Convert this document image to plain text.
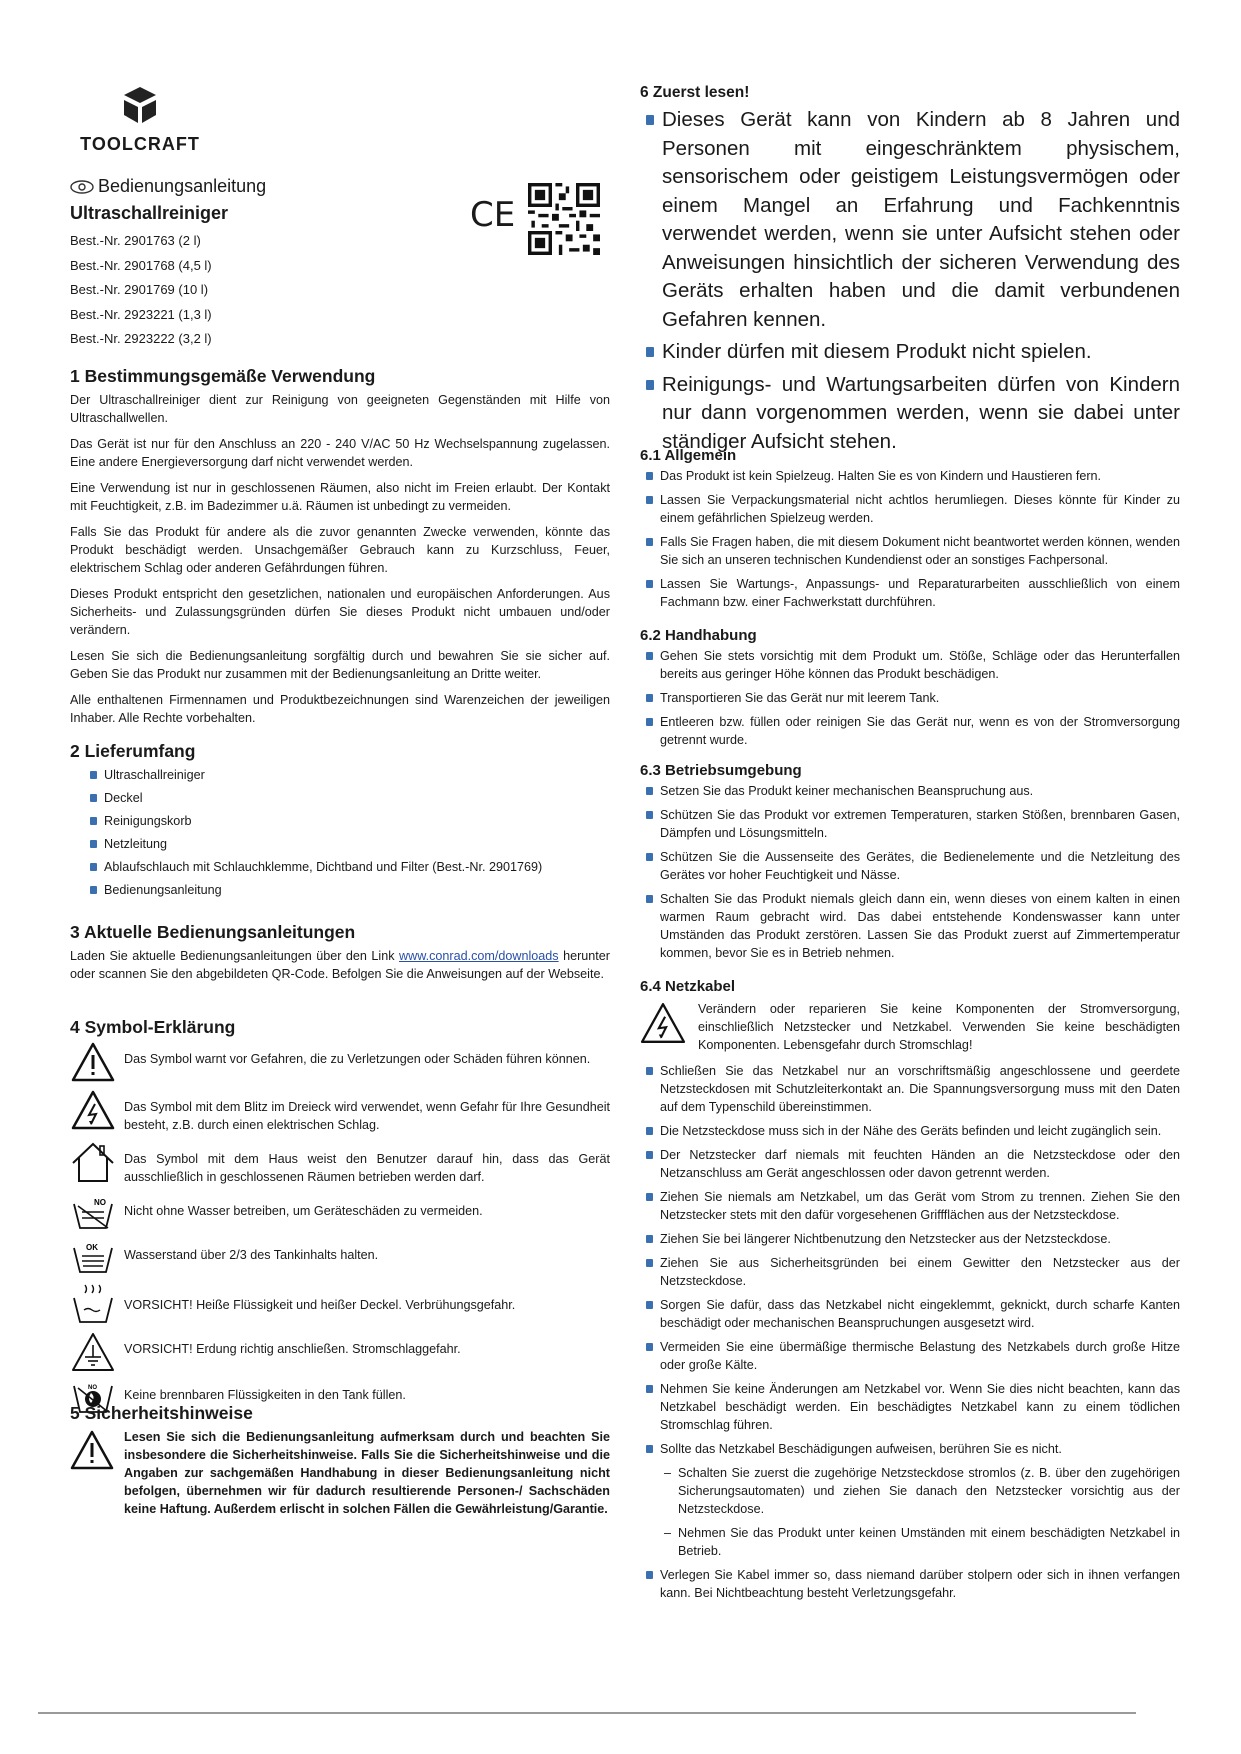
TOOLCRAFT
Bedienungsanleitung
Ultraschallreiniger
Best.-Nr. 2901763 (2 l)
Best.-Nr. 2901768 (4,5 l)
Best.-Nr. 2901769 (10 l)
Best.-Nr. 2923221 (1,3 l)
Best.-Nr. 2923222 (3,2 l)
CE
1 Bestimmungsgemäße Verwendung

Der Ultraschallreiniger dient zur Reinigung von geeigneten Gegenständen mit Hilfe von Ultraschallwellen.

Das Gerät ist nur für den Anschluss an 220 - 240 V/AC 50 Hz Wechselspannung zugelassen. Eine andere Energieversorgung darf nicht verwendet werden.

Eine Verwendung ist nur in geschlossenen Räumen, also nicht im Freien erlaubt. Der Kontakt mit Feuchtigkeit, z.B. im Badezimmer u.ä. Räumen ist unbedingt zu vermeiden.

Falls Sie das Produkt für andere als die zuvor genannten Zwecke verwenden, könnte das Produkt beschädigt werden. Unsachgemäßer Gebrauch kann zu Kurzschluss, Feuer, elektrischem Schlag oder anderen Gefährdungen führen.

Dieses Produkt entspricht den gesetzlichen, nationalen und europäischen Anforderungen. Aus Sicherheits- und Zulassungsgründen dürfen Sie dieses Produkt nicht umbauen und/oder verändern.

Lesen Sie sich die Bedienungsanleitung sorgfältig durch und bewahren Sie sie sicher auf. Geben Sie das Produkt nur zusammen mit der Bedienungsanleitung an Dritte weiter.

Alle enthaltenen Firmennamen und Produktbezeichnungen sind Warenzeichen der jeweiligen Inhaber. Alle Rechte vorbehalten.

2 Lieferumfang
Ultraschallreiniger
Deckel
Reinigungskorb
Netzleitung
Ablaufschlauch mit Schlauchklemme, Dichtband und Filter (Best.-Nr. 2901769)
Bedienungsanleitung
3 Aktuelle Bedienungsanleitungen

Laden Sie aktuelle Bedienungsanleitungen über den Link www.conrad.com/downloads herunter oder scannen Sie den abgebildeten QR-Code. Befolgen Sie die Anweisungen auf der Webseite.

4 Symbol-Erklärung
Das Symbol warnt vor Gefahren, die zu Verletzungen oder Schäden führen können.
Das Symbol mit dem Blitz im Dreieck wird verwendet, wenn Gefahr für Ihre Gesundheit besteht, z.B. durch einen elektrischen Schlag.
Das Symbol mit dem Haus weist den Benutzer darauf hin, dass das Gerät ausschließlich in geschlossenen Räumen betrieben werden darf.
NO
Nicht ohne Wasser betreiben, um Geräteschäden zu vermeiden.
OK
Wasserstand über 2/3 des Tankinhalts halten.
VORSICHT! Heiße Flüssigkeit und heißer Deckel. Verbrühungsgefahr.
VORSICHT! Erdung richtig anschließen. Stromschlaggefahr.
NO Keine brennbaren Flüssigkeiten in den Tank füllen.
5 Sicherheitshinweise

Lesen Sie sich die Bedienungsanleitung aufmerksam durch und beachten Sie insbesondere die Sicherheitshinweise. Falls Sie die Sicherheitshinweise und die Angaben zur sachgemäßen Handhabung in dieser Bedienungsanleitung nicht befolgen, übernehmen wir für dadurch resultierende Personen-/ Sachschäden keine Haftung. Außerdem erlischt in solchen Fällen die Gewährleistung/Garantie.

6 Zuerst lesen!
Dieses Gerät kann von Kindern ab 8 Jahren und Personen mit eingeschränktem physischem, sensorischem oder geistigem Leistungsvermögen oder einem Mangel an Erfahrung und Fachkenntnis verwendet werden, wenn sie unter Aufsicht stehen oder Anweisungen hinsichtlich der sicheren Verwendung des Geräts erhalten haben und die damit verbundenen Gefahren kennen.
Kinder dürfen mit diesem Produkt nicht spielen.
Reinigungs- und Wartungsarbeiten dürfen von Kindern nur dann vorgenommen werden, wenn sie dabei unter ständiger Aufsicht stehen.
6.1 Allgemein
Das Produkt ist kein Spielzeug. Halten Sie es von Kindern und Haustieren fern.
Lassen Sie Verpackungsmaterial nicht achtlos herumliegen. Dieses könnte für Kinder zu einem gefährlichen Spielzeug werden.
Falls Sie Fragen haben, die mit diesem Dokument nicht beantwortet werden können, wenden Sie sich an unseren technischen Kundendienst oder an sonstiges Fachpersonal.
Lassen Sie Wartungs-, Anpassungs- und Reparaturarbeiten ausschließlich von einem Fachmann bzw. einer Fachwerkstatt durchführen.
6.2 Handhabung
Gehen Sie stets vorsichtig mit dem Produkt um. Stöße, Schläge oder das Herunterfallen bereits aus geringer Höhe können das Produkt beschädigen.
Transportieren Sie das Gerät nur mit leerem Tank.
Entleeren bzw. füllen oder reinigen Sie das Gerät nur, wenn es von der Stromversorgung getrennt wurde.
6.3 Betriebsumgebung
Setzen Sie das Produkt keiner mechanischen Beanspruchung aus.
Schützen Sie das Produkt vor extremen Temperaturen, starken Stößen, brennbaren Gasen, Dämpfen und Lösungsmitteln.
Schützen Sie die Aussenseite des Gerätes, die Bedienelemente und die Netzleitung des Gerätes vor hoher Feuchtigkeit und Nässe.
Schalten Sie das Produkt niemals gleich dann ein, wenn dieses von einem kalten in einen warmen Raum gebracht wird. Das dabei entstehende Kondenswasser kann unter Umständen das Produkt zerstören. Lassen Sie das Produkt zuerst auf Zimmertemperatur kommen, bevor Sie es in Betrieb nehmen.
6.4 Netzkabel

Verändern oder reparieren Sie keine Komponenten der Stromversorgung, einschließlich Netzstecker und Netzkabel. Verwenden Sie keine beschädigten Komponenten. Lebensgefahr durch Stromschlag!

Schließen Sie das Netzkabel nur an vorschriftsmäßig angeschlossene und geerdete Netzsteckdosen mit Schutzleiterkontakt an. Die Spannungsversorgung muss mit den Daten auf dem Typenschild übereinstimmen.
Die Netzsteckdose muss sich in der Nähe des Geräts befinden und leicht zugänglich sein.
Der Netzstecker darf niemals mit feuchten Händen an die Netzsteckdose oder den Netzanschluss am Gerät angeschlossen oder davon getrennt werden.
Ziehen Sie niemals am Netzkabel, um das Gerät vom Strom zu trennen. Ziehen Sie den Netzstecker stets mit den dafür vorgesehenen Griffflächen aus der Netzsteckdose.
Ziehen Sie bei längerer Nichtbenutzung den Netzstecker aus der Netzsteckdose.
Ziehen Sie aus Sicherheitsgründen bei einem Gewitter den Netzstecker aus der Netzsteckdose.
Sorgen Sie dafür, dass das Netzkabel nicht eingeklemmt, geknickt, durch scharfe Kanten beschädigt oder mechanischen Beanspruchungen ausgesetzt wird.
Vermeiden Sie eine übermäßige thermische Belastung des Netzkabels durch große Hitze oder große Kälte.
Nehmen Sie keine Änderungen am Netzkabel vor. Wenn Sie dies nicht beachten, kann das Netzkabel beschädigt werden. Ein beschädigtes Netzkabel kann zu einem tödlichen Stromschlag führen.
Sollte das Netzkabel Beschädigungen aufweisen, berühren Sie es nicht.
– Schalten Sie zuerst die zugehörige Netzsteckdose stromlos (z. B. über den zugehörigen Sicherungsautomaten) und ziehen Sie danach den Netzstecker vorsichtig aus der Netzsteckdose.
– Nehmen Sie das Produkt unter keinen Umständen mit einem beschädigten Netzkabel in Betrieb.
Verlegen Sie Kabel immer so, dass niemand darüber stolpern oder sich in ihnen verfangen kann. Bei Nichtbeachtung besteht Verletzungsgefahr.
